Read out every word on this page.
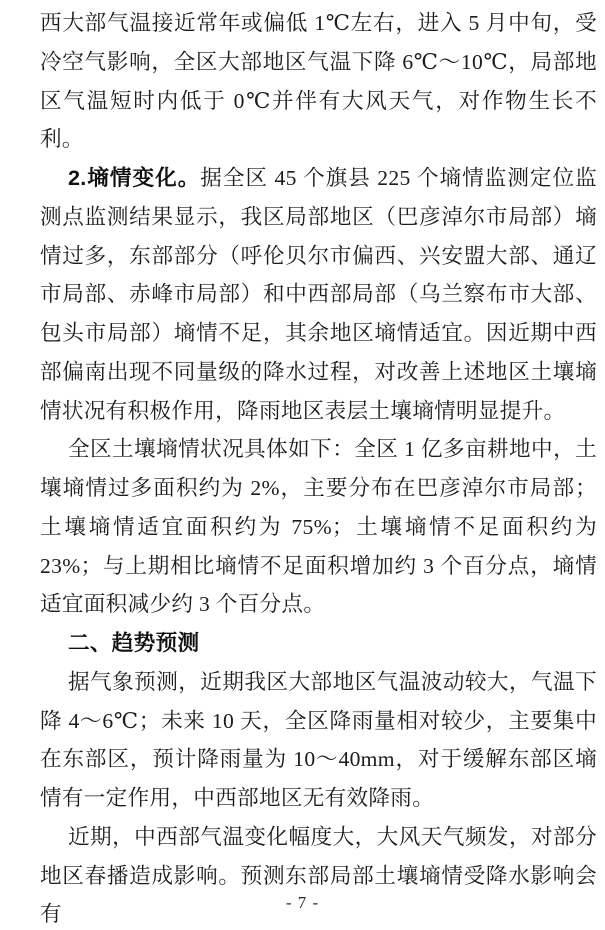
西大部气温接近常年或偏低 1℃左右，进入 5 月中旬，受冷空气影响，全区大部地区气温下降 6℃～10℃，局部地区气温短时内低于 0℃并伴有大风天气，对作物生长不利。

2.墒情变化。据全区 45 个旗县 225 个墒情监测定位监测点监测结果显示，我区局部地区（巴彦淖尔市局部）墒情过多，东部部分（呼伦贝尔市偏西、兴安盟大部、通辽市局部、赤峰市局部）和中西部局部（乌兰察布市大部、包头市局部）墒情不足，其余地区墒情适宜。因近期中西部偏南出现不同量级的降水过程，对改善上述地区土壤墒情状况有积极作用，降雨地区表层土壤墒情明显提升。

全区土壤墒情状况具体如下：全区 1 亿多亩耕地中，土壤墒情过多面积约为 2%，主要分布在巴彦淖尔市局部；土壤墒情适宜面积约为 75%；土壤墒情不足面积约为 23%；与上期相比墒情不足面积增加约 3 个百分点，墒情适宜面积减少约 3 个百分点。

二、趋势预测

据气象预测，近期我区大部地区气温波动较大，气温下降 4～6℃；未来 10 天，全区降雨量相对较少，主要集中在东部区，预计降雨量为 10～40mm，对于缓解东部区墒情有一定作用，中西部地区无有效降雨。

近期，中西部气温变化幅度大，大风天气频发，对部分地区春播造成影响。预测东部局部土壤墒情受降水影响会有	- 7 -
